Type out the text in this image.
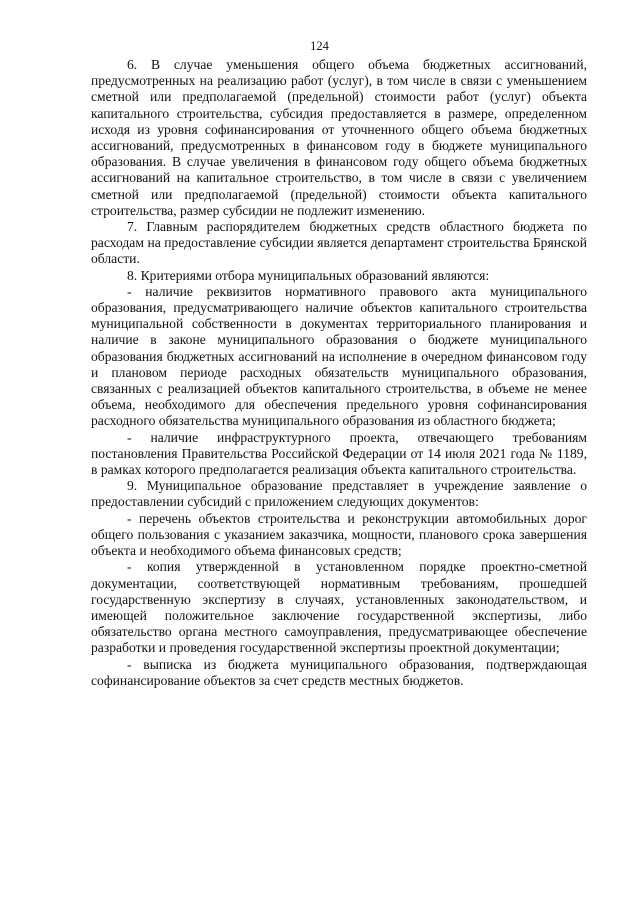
124

6. В случае уменьшения общего объема бюджетных ассигнований, предусмотренных на реализацию работ (услуг), в том числе в связи с уменьшением сметной или предполагаемой (предельной) стоимости работ (услуг) объекта капитального строительства, субсидия предоставляется в размере, определенном исходя из уровня софинансирования от уточненного общего объема бюджетных ассигнований, предусмотренных в финансовом году в бюджете муниципального образования. В случае увеличения в финансовом году общего объема бюджетных ассигнований на капитальное строительство, в том числе в связи с увеличением сметной или предполагаемой (предельной) стоимости объекта капитального строительства, размер субсидии не подлежит изменению.

7. Главным распорядителем бюджетных средств областного бюджета по расходам на предоставление субсидии является департамент строительства Брянской области.

8. Критериями отбора муниципальных образований являются:

- наличие реквизитов нормативного правового акта муниципального образования, предусматривающего наличие объектов капитального строительства муниципальной собственности в документах территориального планирования и наличие в законе муниципального образования о бюджете муниципального образования бюджетных ассигнований на исполнение в очередном финансовом году и плановом периоде расходных обязательств муниципального образования, связанных с реализацией объектов капитального строительства, в объеме не менее объема, необходимого для обеспечения предельного уровня софинансирования расходного обязательства муниципального образования из областного бюджета;

- наличие инфраструктурного проекта, отвечающего требованиям постановления Правительства Российской Федерации от 14 июля 2021 года № 1189, в рамках которого предполагается реализация объекта капитального строительства.

9. Муниципальное образование представляет в учреждение заявление о предоставлении субсидий с приложением следующих документов:

- перечень объектов строительства и реконструкции автомобильных дорог общего пользования с указанием заказчика, мощности, планового срока завершения объекта и необходимого объема финансовых средств;

- копия утвержденной в установленном порядке проектно-сметной документации, соответствующей нормативным требованиям, прошедшей государственную экспертизу в случаях, установленных законодательством, и имеющей положительное заключение государственной экспертизы, либо обязательство органа местного самоуправления, предусматривающее обеспечение разработки и проведения государственной экспертизы проектной документации;

- выписка из бюджета муниципального образования, подтверждающая софинансирование объектов за счет средств местных бюджетов.
